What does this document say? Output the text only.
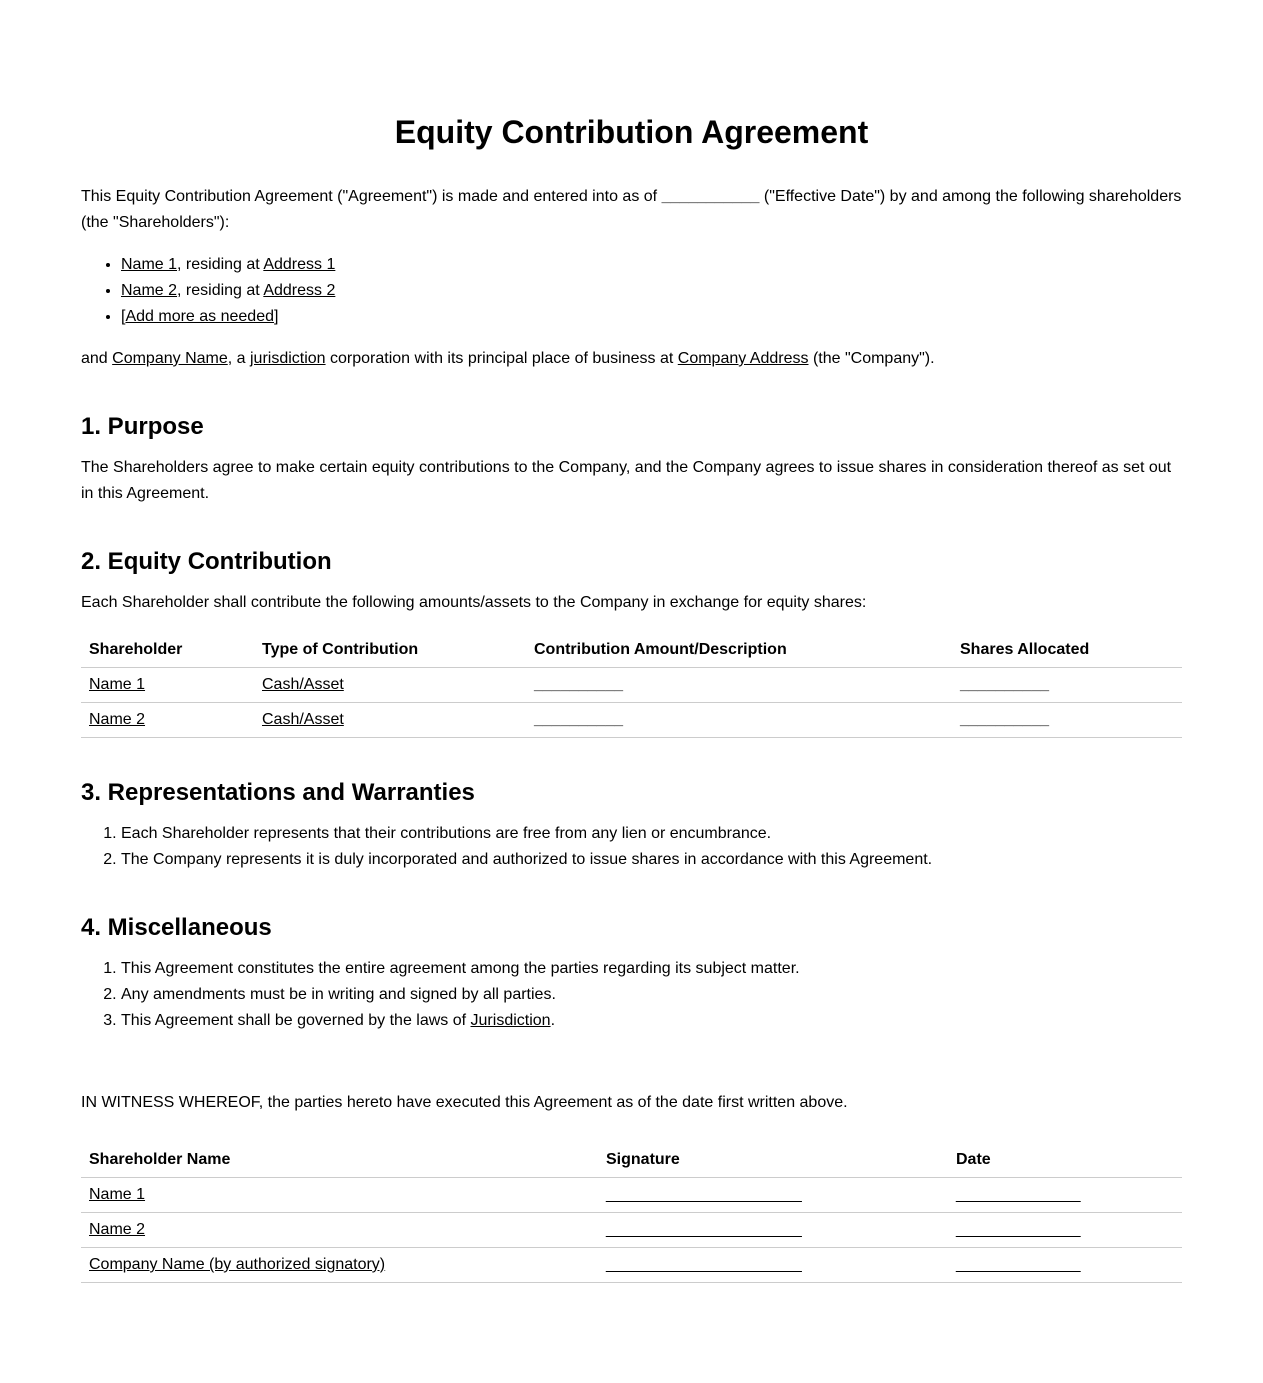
Equity Contribution Agreement

This Equity Contribution Agreement ("Agreement") is made and entered into as of ___________ ("Effective Date") by and among the following shareholders (the "Shareholders"):

• Name 1, residing at Address 1
• Name 2, residing at Address 2
• [Add more as needed]

and Company Name, a jurisdiction corporation with its principal place of business at Company Address (the "Company").

1. Purpose

The Shareholders agree to make certain equity contributions to the Company, and the Company agrees to issue shares in consideration thereof as set out in this Agreement.

2. Equity Contribution

Each Shareholder shall contribute the following amounts/assets to the Company in exchange for equity shares:

Shareholder	Type of Contribution	Contribution Amount/Description	Shares Allocated
Name 1	Cash/Asset	__________	__________
Name 2	Cash/Asset	__________	__________
3. Representations and Warranties
1. Each Shareholder represents that their contributions are free from any lien or encumbrance.
2. The Company represents it is duly incorporated and authorized to issue shares in accordance with this Agreement.
4. Miscellaneous
1. This Agreement constitutes the entire agreement among the parties regarding its subject matter.
2. Any amendments must be in writing and signed by all parties.
3. This Agreement shall be governed by the laws of Jurisdiction.

IN WITNESS WHEREOF, the parties hereto have executed this Agreement as of the date first written above.

Shareholder Name	Signature	Date
Name 1	______________________	______________
Name 2	______________________	______________
Company Name (by authorized signatory)	______________________	______________
